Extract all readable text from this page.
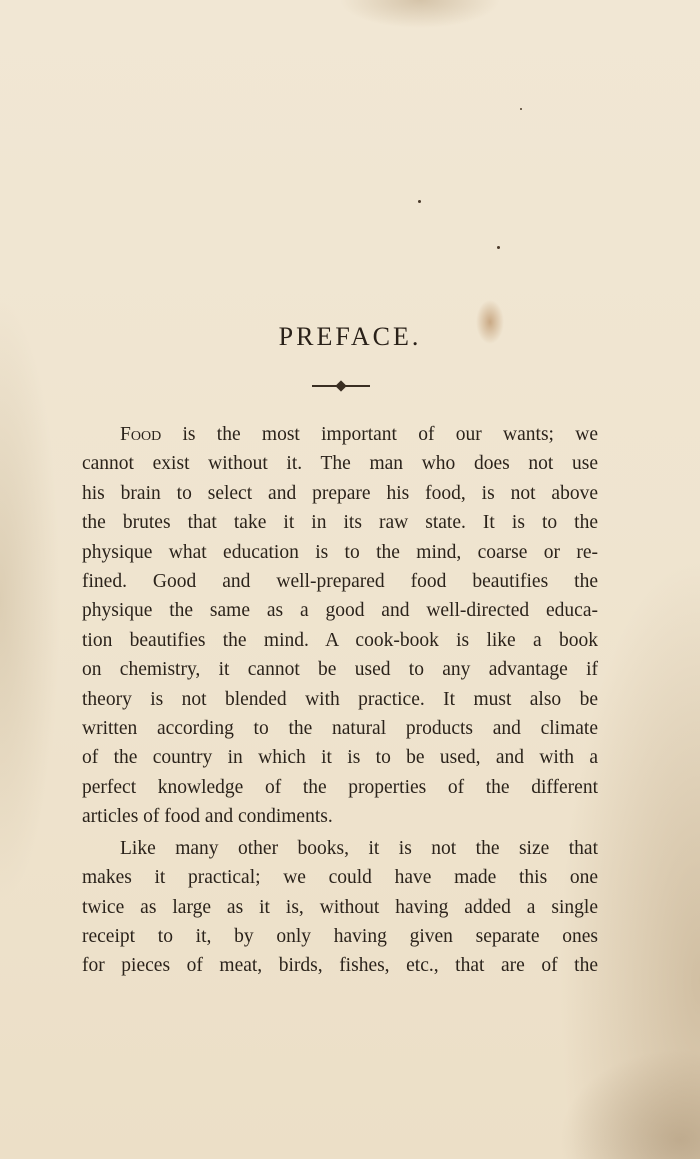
PREFACE.
Food is the most important of our wants; we
cannot exist without it. The man who does not use
his brain to select and prepare his food, is not above
the brutes that take it in its raw state. It is to the
physique what education is to the mind, coarse or re-
fined. Good and well-prepared food beautifies the
physique the same as a good and well-directed educa-
tion beautifies the mind. A cook-book is like a book
on chemistry, it cannot be used to any advantage if
theory is not blended with practice. It must also be
written according to the natural products and climate
of the country in which it is to be used, and with a
perfect knowledge of the properties of the different
articles of food and condiments.
Like many other books, it is not the size that
makes it practical; we could have made this one
twice as large as it is, without having added a single
receipt to it, by only having given separate ones
for pieces of meat, birds, fishes, etc., that are of the
